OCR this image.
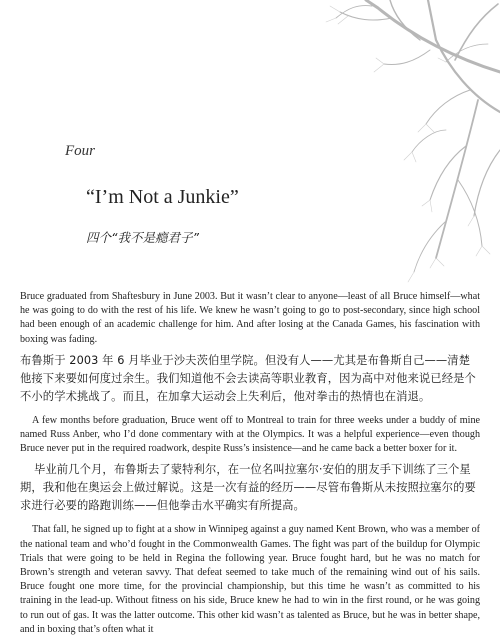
Four
“I’m Not a Junkie”
四个“我不是瘾君子”

Bruce graduated from Shaftesbury in June 2003. But it wasn’t clear to anyone—least of all Bruce himself—what he was going to do with the rest of his life. We knew he wasn’t going to go to post-secondary, since high school had been enough of an academic challenge for him. And after losing at the Canada Games, his fascination with boxing was fading.

布鲁斯于 2003 年 6 月毕业于沙夫茨伯里学院。但没有人——尤其是布鲁斯自己——清楚他接下来要如何度过余生。我们知道他不会去读高等职业教育，因为高中对他来说已经是个不小的学术挑战了。而且，在加拿大运动会上失利后，他对拳击的热情也在消退。

A few months before graduation, Bruce went off to Montreal to train for three weeks under a buddy of mine named Russ Anber, who I’d done commentary with at the Olympics. It was a helpful experience—even though Bruce never put in the required roadwork, despite Russ’s insistence—and he came back a better boxer for it.

毕业前几个月，布鲁斯去了蒙特利尔，在一位名叫拉塞尔·安伯的朋友手下训练了三个星期，我和他在奥运会上做过解说。这是一次有益的经历——尽管布鲁斯从未按照拉塞尔的要求进行必要的路跑训练——但他拳击水平确实有所提高。

That fall, he signed up to fight at a show in Winnipeg against a guy named Kent Brown, who was a member of the national team and who’d fought in the Commonwealth Games. The fight was part of the buildup for Olympic Trials that were going to be held in Regina the following year. Bruce fought hard, but he was no match for Brown’s strength and veteran savvy. That defeat seemed to take much of the remaining wind out of his sails. Bruce fought one more time, for the provincial championship, but this time he wasn’t as committed to his training in the lead-up. Without fitness on his side, Bruce knew he had to win in the first round, or he was going to run out of gas. It was the latter outcome. This other kid wasn’t as talented as Bruce, but he was in better shape, and in boxing that’s often what it
